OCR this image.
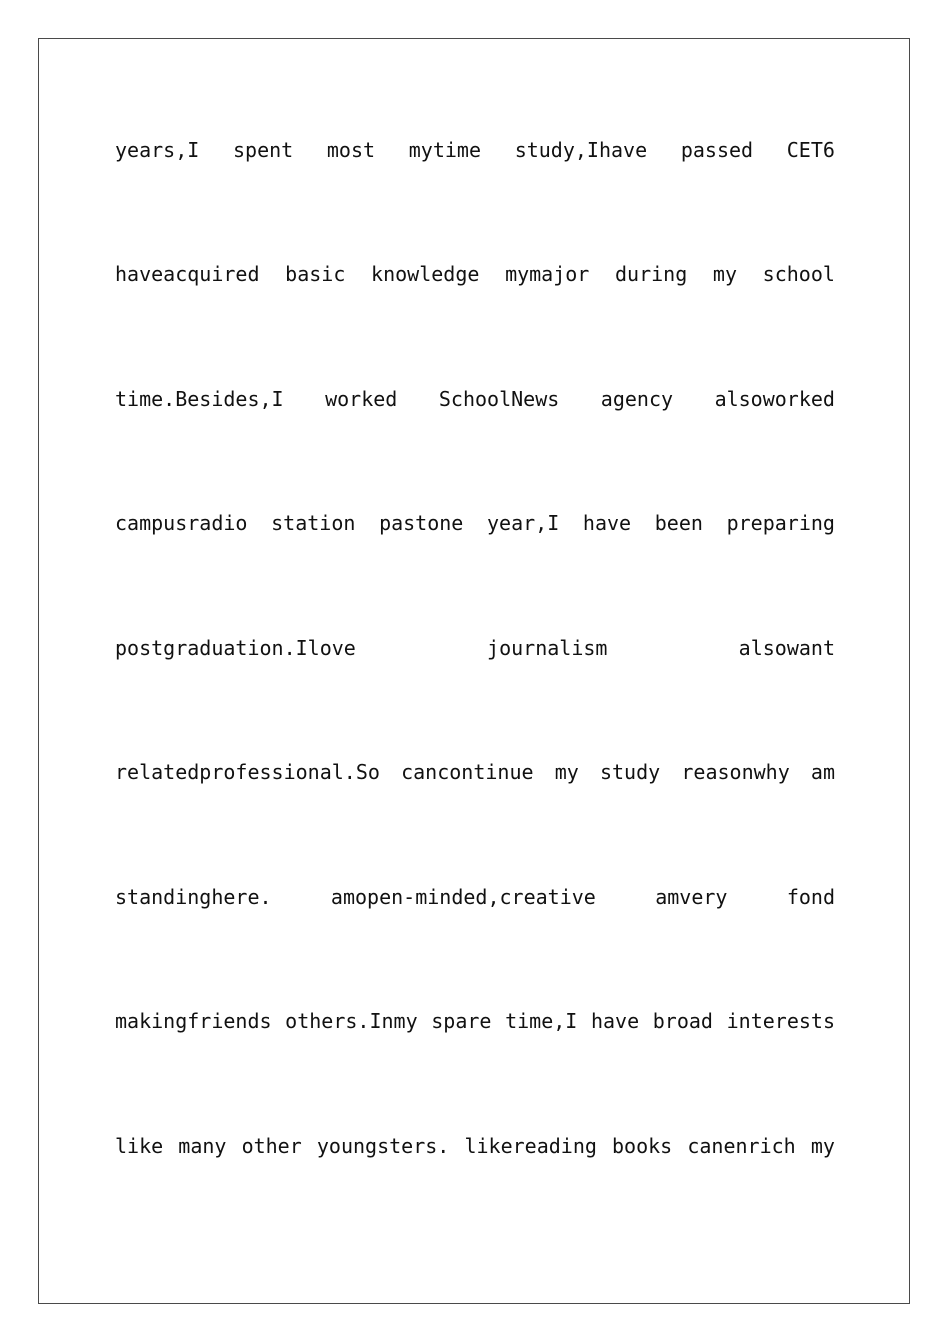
years,I spent most mytime study,Ihave passed CET6
haveacquired basic knowledge mymajor during my school
time.Besides,I worked SchoolNews agency alsoworked
campusradio station pastone year,I have been preparing
postgraduation.Ilove	journalism	alsowant
relatedprofessional.So cancontinue my study reasonwhy am
standinghere.	amopen-minded,creative	amvery	fond
makingfriends others.Inmy spare time,I have broad interests
like many other youngsters. likereading books canenrich my
